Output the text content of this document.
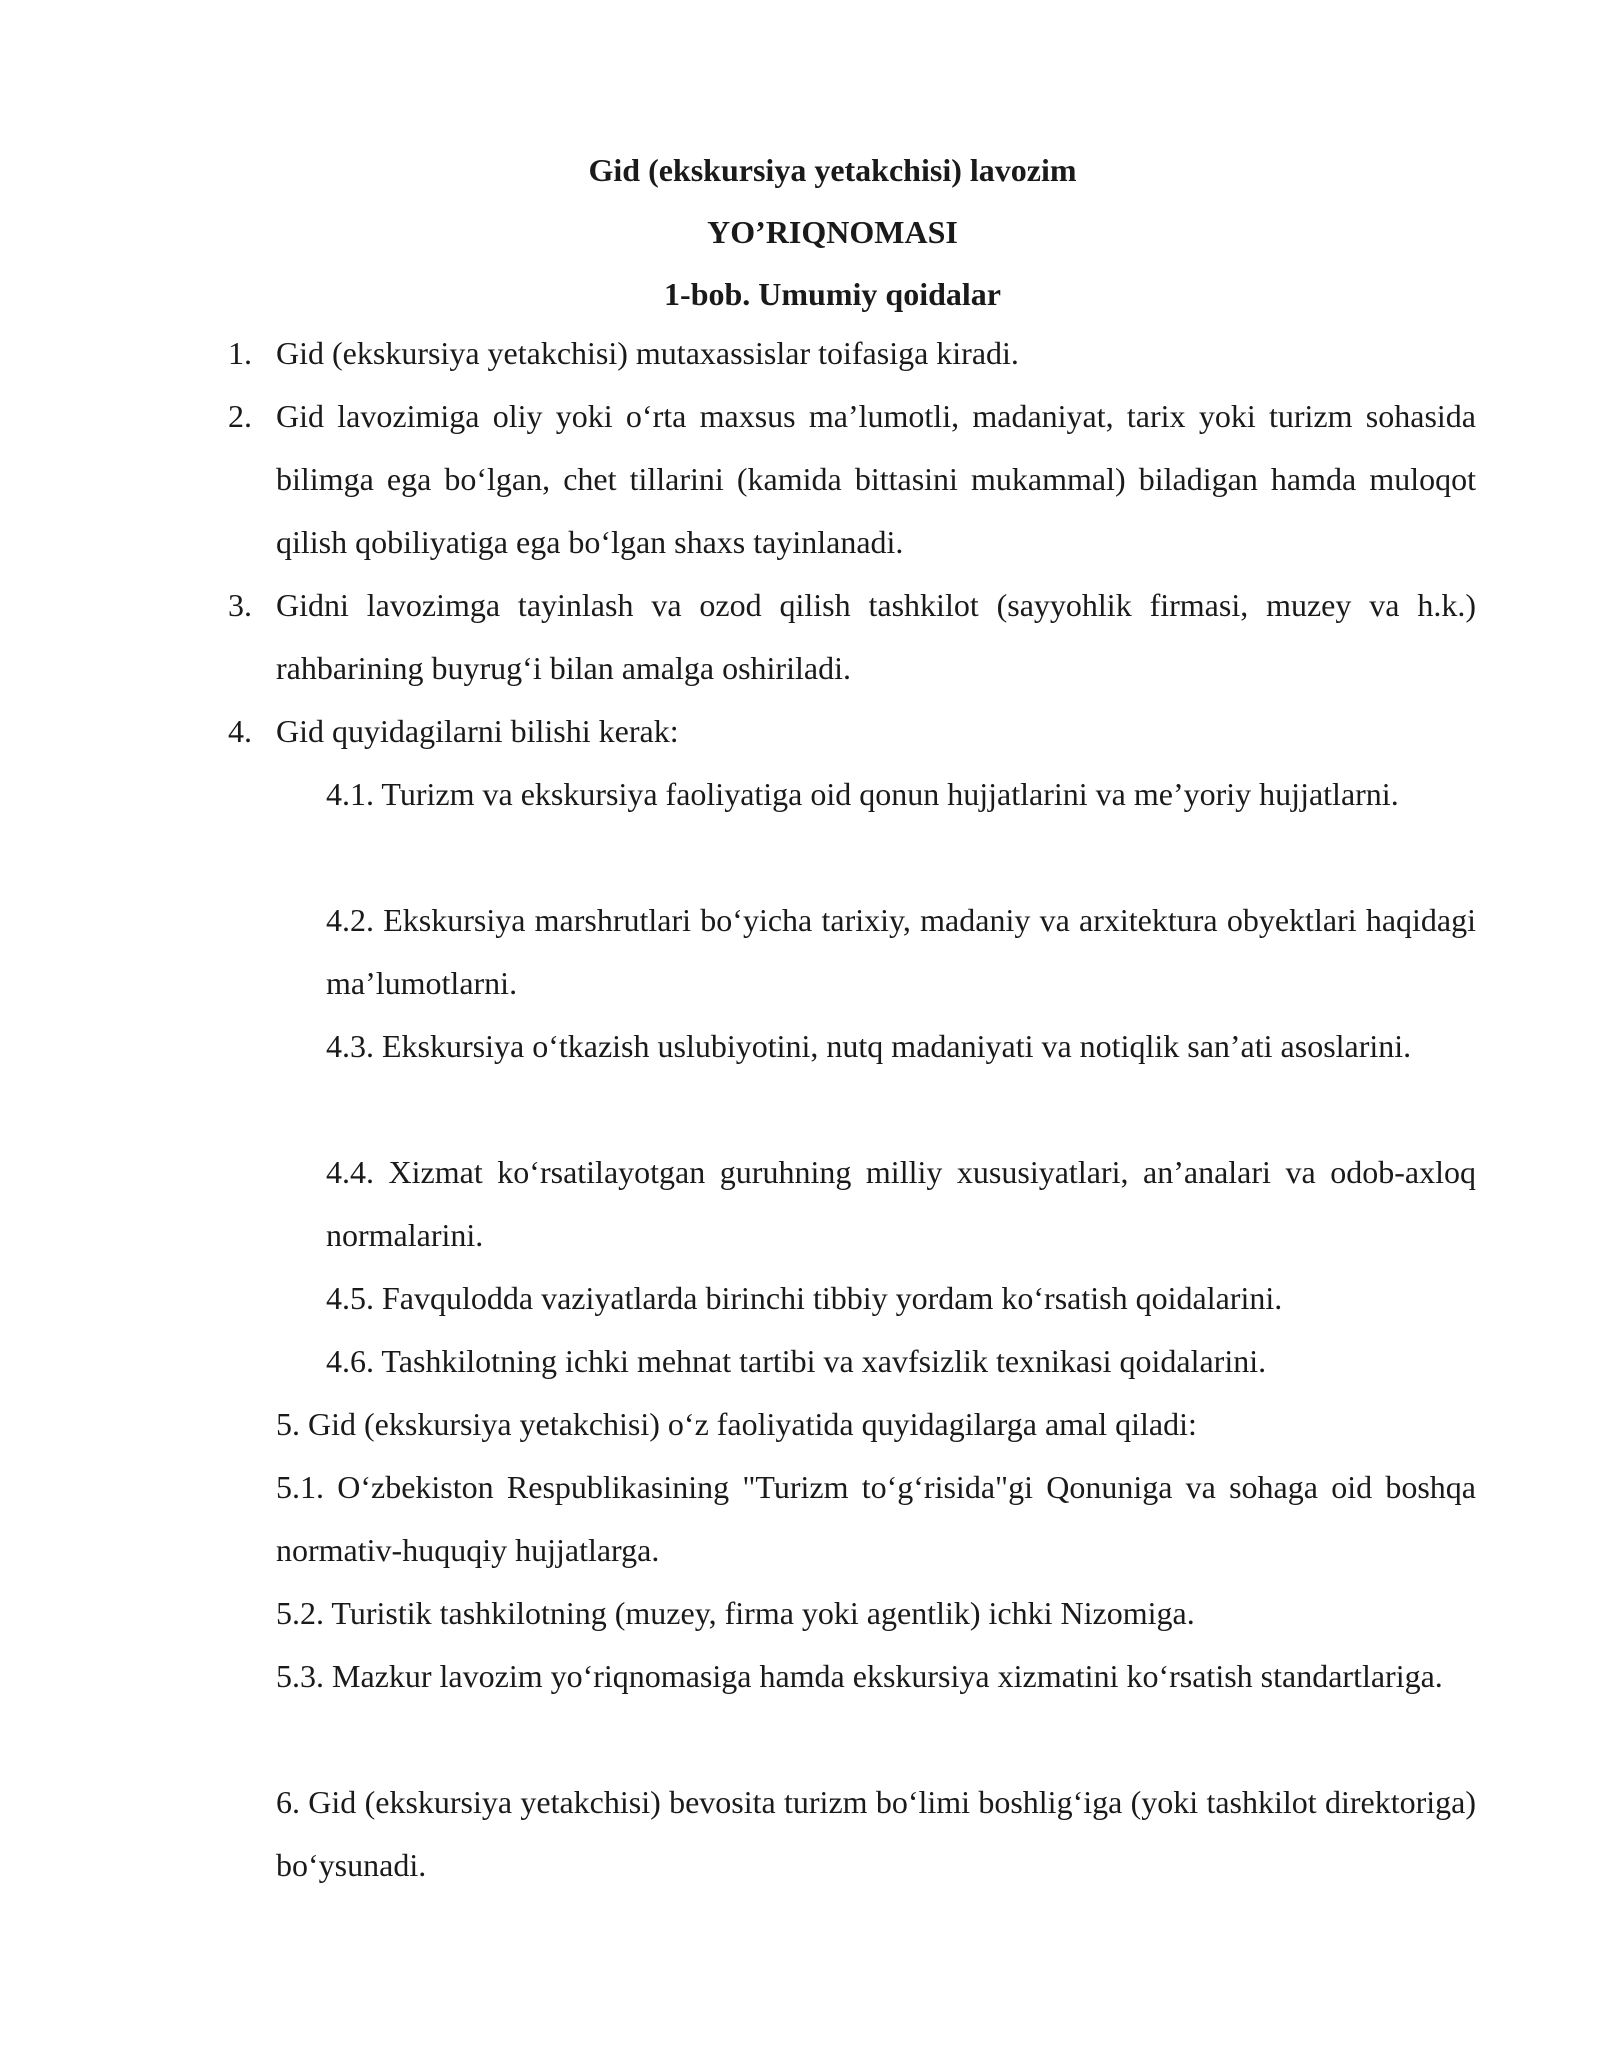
Gid (ekskursiya yetakchisi) lavozim
YO’RIQNOMASI
1-bob. Umumiy qoidalar
1. Gid (ekskursiya yetakchisi) mutaxassislar toifasiga kiradi.
2. Gid lavozimiga oliy yoki o‘rta maxsus ma’lumotli, madaniyat, tarix yoki turizm sohasida bilimga ega bo‘lgan, chet tillarini (kamida bittasini mukammal) biladigan hamda muloqot qilish qobiliyatiga ega bo‘lgan shaxs tayinlanadi.
3. Gidni lavozimga tayinlash va ozod qilish tashkilot (sayyohlik firmasi, muzey va h.k.) rahbarining buyrug‘i bilan amalga oshiriladi.
4. Gid quyidagilarni bilishi kerak:
4.1. Turizm va ekskursiya faoliyatiga oid qonun hujjatlarini va me’yoriy hujjatlarni.
4.2. Ekskursiya marshrutlari bo‘yicha tarixiy, madaniy va arxitektura obyektlari haqidagi ma’lumotlarni.
4.3. Ekskursiya o‘tkazish uslubiyotini, nutq madaniyati va notiqlik san’ati asoslarini.
4.4. Xizmat ko‘rsatilayotgan guruhning milliy xususiyatlari, an’analari va odob-axloq normalarini.
4.5. Favqulodda vaziyatlarda birinchi tibbiy yordam ko‘rsatish qoidalarini.
4.6. Tashkilotning ichki mehnat tartibi va xavfsizlik texnikasi qoidalarini.
5. Gid (ekskursiya yetakchisi) o‘z faoliyatida quyidagilarga amal qiladi:
5.1. O‘zbekiston Respublikasining "Turizm to‘g‘risida"gi Qonuniga va sohaga oid boshqa normativ-huquqiy hujjatlarga.
5.2. Turistik tashkilotning (muzey, firma yoki agentlik) ichki Nizomiga.
5.3. Mazkur lavozim yo‘riqnomasiga hamda ekskursiya xizmatini ko‘rsatish standartlariga.
6. Gid (ekskursiya yetakchisi) bevosita turizm bo‘limi boshlig‘iga (yoki tashkilot direktoriga) bo‘ysunadi.
